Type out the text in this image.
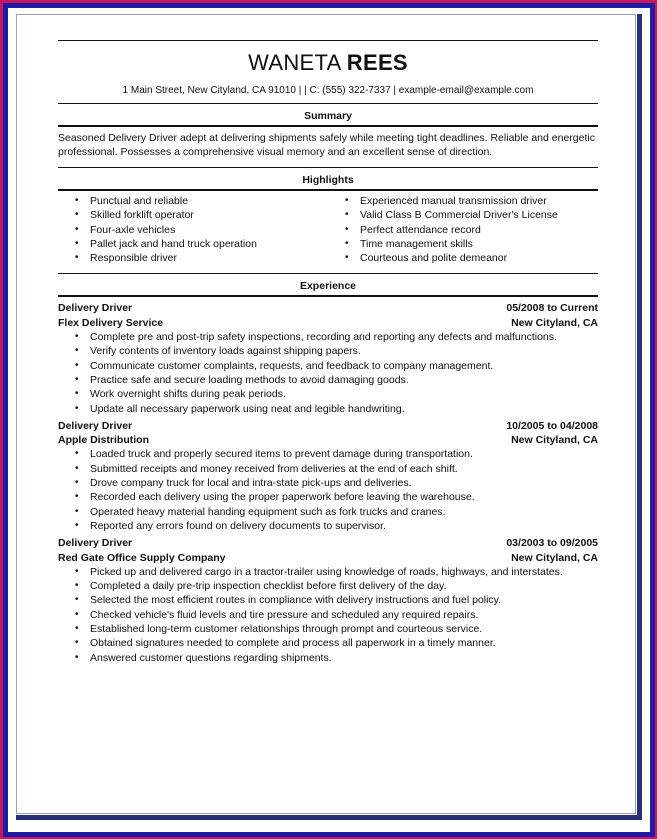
WANETA REES
1 Main Street, New Cityland, CA 91010 | | C: (555) 322-7337 | example-email@example.com
Summary
Seasoned Delivery Driver adept at delivering shipments safely while meeting tight deadlines. Reliable and energetic professional. Possesses a comprehensive visual memory and an excellent sense of direction.
Highlights
• Punctual and reliable
• Skilled forklift operator
• Four-axle vehicles
• Pallet jack and hand truck operation
• Responsible driver
• Experienced manual transmission driver
• Valid Class B Commercial Driver's License
• Perfect attendance record
• Time management skills
• Courteous and polite demeanor
Experience
Delivery Driver	05/2008 to Current
Flex Delivery Service	New Cityland, CA
• Complete pre and post-trip safety inspections, recording and reporting any defects and malfunctions.
• Verify contents of inventory loads against shipping papers.
• Communicate customer complaints, requests, and feedback to company management.
• Practice safe and secure loading methods to avoid damaging goods.
• Work overnight shifts during peak periods.
• Update all necessary paperwork using neat and legible handwriting.
Delivery Driver	10/2005 to 04/2008
Apple Distribution	New Cityland, CA
• Loaded truck and properly secured items to prevent damage during transportation.
• Submitted receipts and money received from deliveries at the end of each shift.
• Drove company truck for local and intra-state pick-ups and deliveries.
• Recorded each delivery using the proper paperwork before leaving the warehouse.
• Operated heavy material handing equipment such as fork trucks and cranes.
• Reported any errors found on delivery documents to supervisor.
Delivery Driver	03/2003 to 09/2005
Red Gate Office Supply Company	New Cityland, CA
• Picked up and delivered cargo in a tractor-trailer using knowledge of roads, highways, and interstates.
• Completed a daily pre-trip inspection checklist before first delivery of the day.
• Selected the most efficient routes in compliance with delivery instructions and fuel policy.
• Checked vehicle's fluid levels and tire pressure and scheduled any required repairs.
• Established long-term customer relationships through prompt and courteous service.
• Obtained signatures needed to complete and process all paperwork in a timely manner.
• Answered customer questions regarding shipments.
